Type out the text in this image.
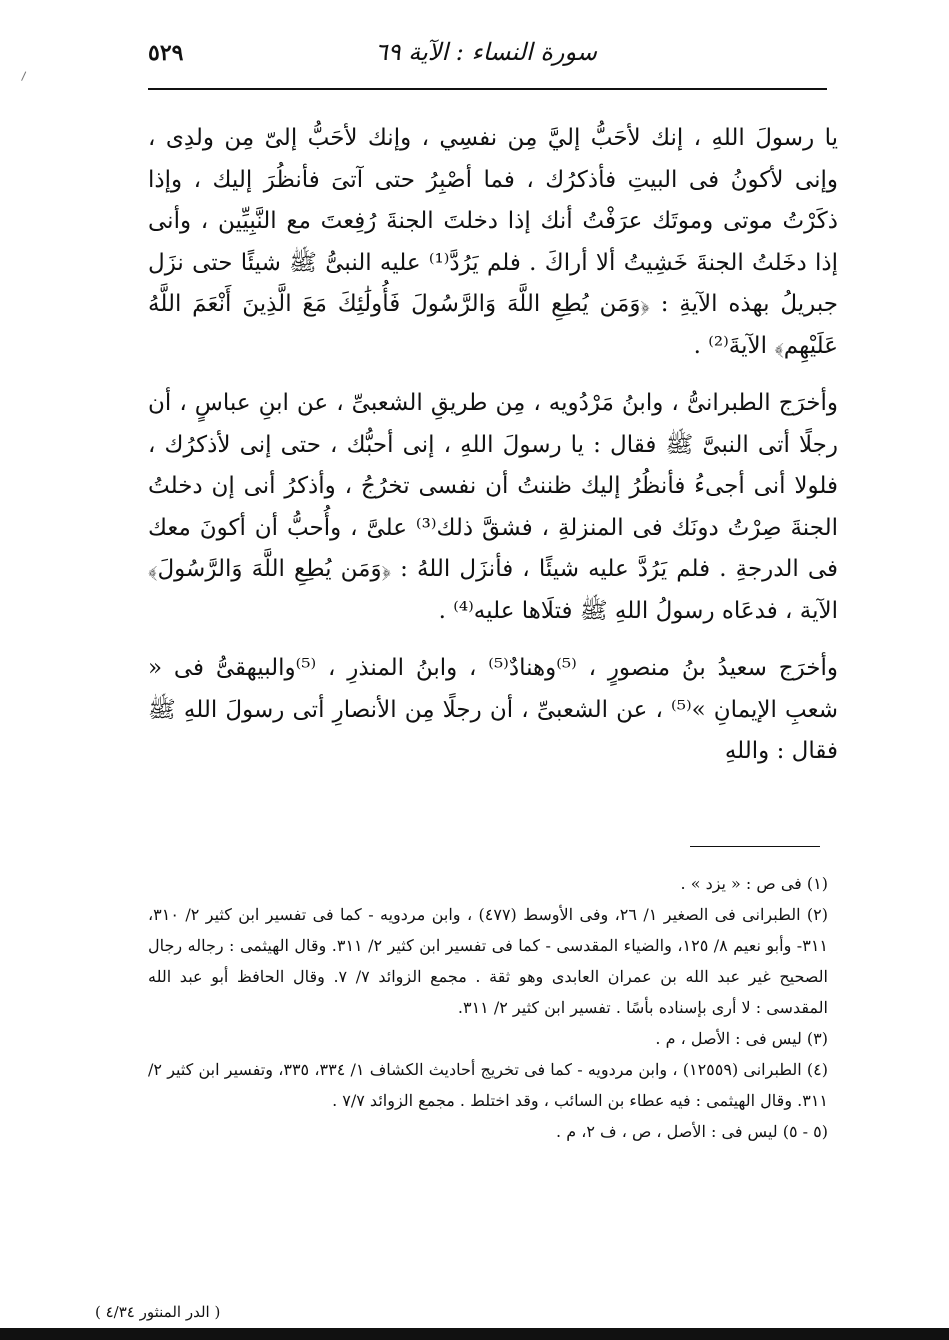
سورة النساء : الآية ٦٩
٥٢٩

يا رسولَ اللهِ ، إنك لأحَبُّ إليَّ مِن نفسِي ، وإنك لأحَبُّ إلىّ مِن ولدِى ، وإنى لأكونُ فى البيتِ فأذكرُك ، فما أصْبِرُ حتى آتىَ فأنظُرَ إليك ، وإذا ذكَرْتُ موتى وموتَك عرَفْتُ أنك إذا دخلتَ الجنةَ رُفِعتَ مع النَّبِيِّين ، وأنى إذا دخَلتُ الجنةَ خَشِيتُ ألا أراكَ . فلم يَرُدَّ⁽¹⁾ عليه النبىُّ ﷺ شيئًا حتى نزَل جبريلُ بهذه الآيةِ : ﴿وَمَن يُطِعِ اللَّهَ وَالرَّسُولَ فَأُولَٰئِكَ مَعَ الَّذِينَ أَنْعَمَ اللَّهُ عَلَيْهِم﴾ الآيةَ⁽²⁾ .

وأخرَج الطبرانىُّ ، وابنُ مَرْدُويه ، مِن طريقِ الشعبىِّ ، عن ابنِ عباسٍ ، أن رجلًا أتى النبىَّ ﷺ فقال : يا رسولَ اللهِ ، إنى أحبُّك ، حتى إنى لأذكرُك ، فلولا أنى أجىءُ فأنظُرُ إليك ظننتُ أن نفسى تخرُجُ ، وأذكرُ أنى إن دخلتُ الجنةَ صِرْتُ دونَك فى المنزلةِ ، فشقَّ ذلك⁽³⁾ علىَّ ، وأُحبُّ أن أكونَ معك فى الدرجةِ . فلم يَرُدَّ عليه شيئًا ، فأنزَل اللهُ : ﴿وَمَن يُطِعِ اللَّهَ وَالرَّسُولَ﴾ الآية ، فدعَاه رسولُ اللهِ ﷺ فتلَاها عليه⁽⁴⁾ .

وأخرَج سعيدُ بنُ منصورٍ ، ⁽⁵⁾وهنادٌ⁽⁵⁾ ، وابنُ المنذرِ ، ⁽⁵⁾والبيهقىُّ فى « شعبِ الإيمانِ »⁽⁵⁾ ، عن الشعبىِّ ، أن رجلًا مِن الأنصارِ أتى رسولَ اللهِ ﷺ فقال : واللهِ

(١) فى ص : « يزد » .

(٢) الطبرانى فى الصغير ١/ ٢٦، وفى الأوسط (٤٧٧) ، وابن مردويه - كما فى تفسير ابن كثير ٢/ ٣١٠، ٣١١- وأبو نعيم ٨/ ١٢٥، والضياء المقدسى - كما فى تفسير ابن كثير ٢/ ٣١١. وقال الهيثمى : رجاله رجال الصحيح غير عبد الله بن عمران العابدى وهو ثقة . مجمع الزوائد ٧/ ٧. وقال الحافظ أبو عبد الله المقدسى : لا أرى بإسناده بأسًا . تفسير ابن كثير ٢/ ٣١١.

(٣) ليس فى : الأصل ، م .

(٤) الطبرانى (١٢٥٥٩) ، وابن مردويه - كما فى تخريج أحاديث الكشاف ١/ ٣٣٤، ٣٣٥، وتفسير ابن كثير ٢/ ٣١١. وقال الهيثمى : فيه عطاء بن السائب ، وقد اختلط . مجمع الزوائد ٧/٧ .

(٥ - ٥) ليس فى : الأصل ، ص ، ف ٢، م .

( الدر المنثور ٤/٣٤ )
